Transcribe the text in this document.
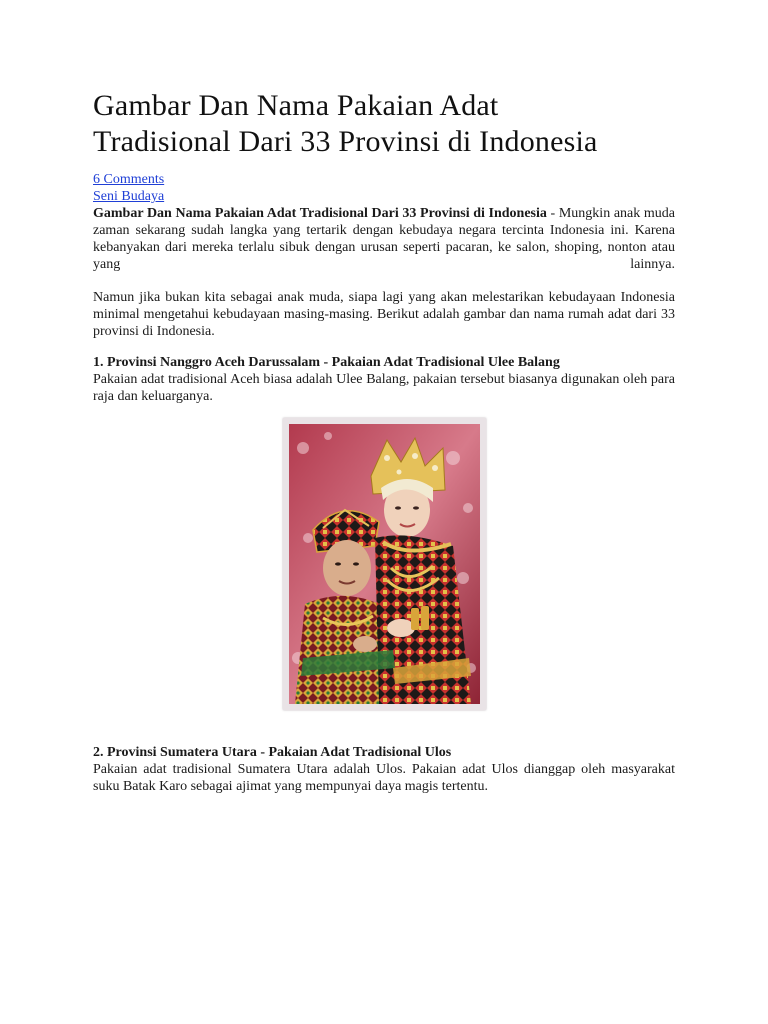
Gambar Dan Nama Pakaian Adat
Tradisional Dari 33 Provinsi di Indonesia
6 Comments
Seni Budaya
Gambar Dan Nama Pakaian Adat Tradisional Dari 33 Provinsi di Indonesia - Mungkin anak muda zaman sekarang sudah langka yang tertarik dengan kebudaya negara tercinta Indonesia ini. Karena kebanyakan dari mereka terlalu sibuk dengan urusan seperti pacaran, ke salon, shoping, nonton atau yang lainnya.
Namun jika bukan kita sebagai anak muda, siapa lagi yang akan melestarikan kebudayaan Indonesia minimal mengetahui kebudayaan masing-masing. Berikut adalah gambar dan nama rumah adat dari 33 provinsi di Indonesia.
1. Provinsi Nanggro Aceh Darussalam - Pakaian Adat Tradisional Ulee Balang
Pakaian adat tradisional Aceh biasa adalah Ulee Balang, pakaian tersebut biasanya digunakan oleh para raja dan keluarganya.
2. Provinsi Sumatera Utara - Pakaian Adat Tradisional Ulos
Pakaian adat tradisional Sumatera Utara adalah Ulos. Pakaian adat Ulos dianggap oleh masyarakat suku Batak Karo sebagai ajimat yang mempunyai daya magis tertentu.
